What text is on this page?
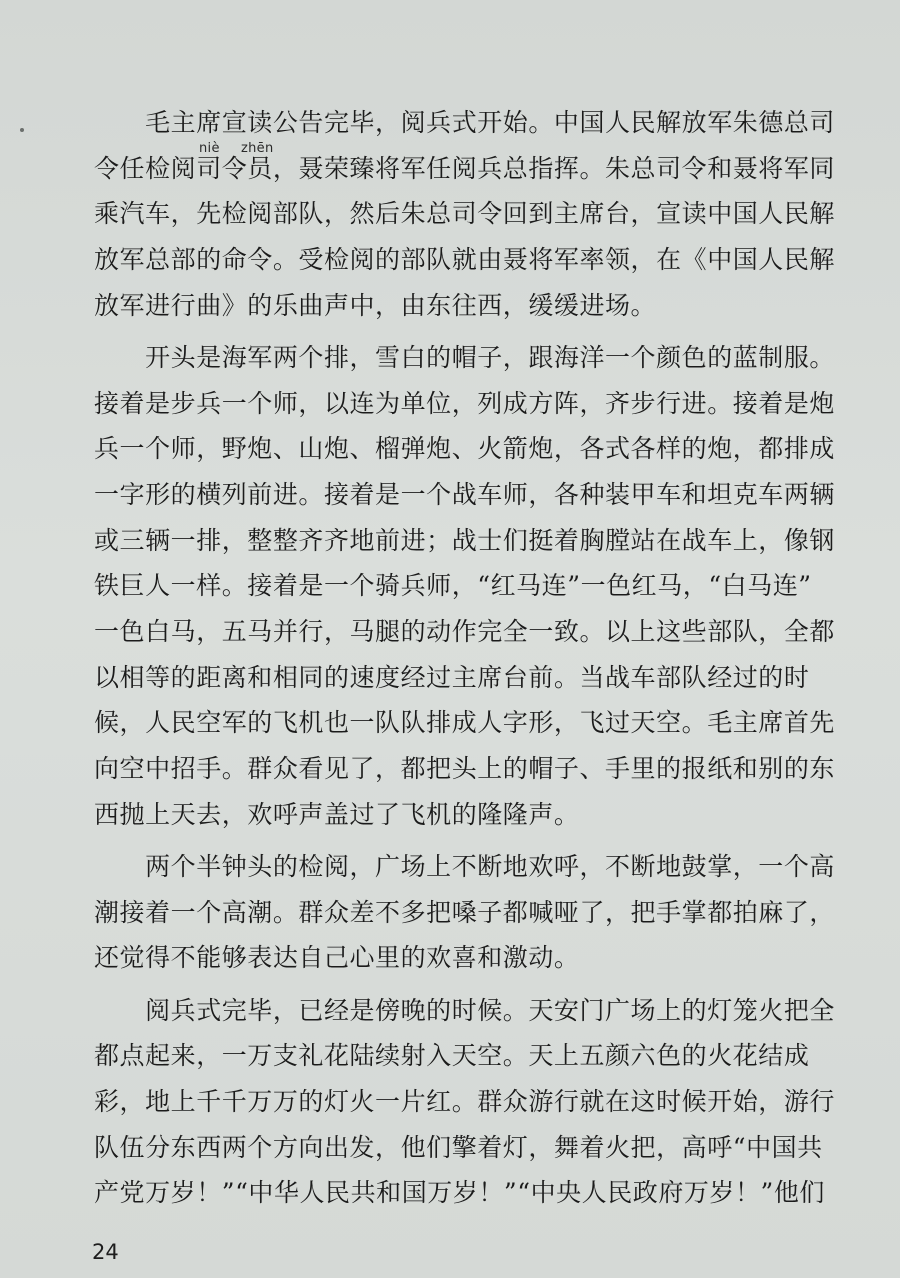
niè zhēn
　　毛主席宣读公告完毕，阅兵式开始。中国人民解放军朱德总司
令任检阅司令员，聂荣臻将军任阅兵总指挥。朱总司令和聂将军同
乘汽车，先检阅部队，然后朱总司令回到主席台，宣读中国人民解
放军总部的命令。受检阅的部队就由聂将军率领，在《中国人民解
放军进行曲》的乐曲声中，由东往西，缓缓进场。
　　开头是海军两个排，雪白的帽子，跟海洋一个颜色的蓝制服。
接着是步兵一个师，以连为单位，列成方阵，齐步行进。接着是炮
兵一个师，野炮、山炮、榴弹炮、火箭炮，各式各样的炮，都排成
一字形的横列前进。接着是一个战车师，各种装甲车和坦克车两辆
或三辆一排，整整齐齐地前进；战士们挺着胸膛站在战车上，像钢
铁巨人一样。接着是一个骑兵师，“红马连”一色红马，“白马连”
一色白马，五马并行，马腿的动作完全一致。以上这些部队，全都
以相等的距离和相同的速度经过主席台前。当战车部队经过的时
候，人民空军的飞机也一队队排成人字形，飞过天空。毛主席首先
向空中招手。群众看见了，都把头上的帽子、手里的报纸和别的东
西抛上天去，欢呼声盖过了飞机的隆隆声。
　　两个半钟头的检阅，广场上不断地欢呼，不断地鼓掌，一个高
潮接着一个高潮。群众差不多把嗓子都喊哑了，把手掌都拍麻了，
还觉得不能够表达自己心里的欢喜和激动。
　　阅兵式完毕，已经是傍晚的时候。天安门广场上的灯笼火把全
都点起来，一万支礼花陆续射入天空。天上五颜六色的火花结成
彩，地上千千万万的灯火一片红。群众游行就在这时候开始，游行
队伍分东西两个方向出发，他们擎着灯，舞着火把，高呼“中国共
产党万岁！”“中华人民共和国万岁！”“中央人民政府万岁！”他们
24
